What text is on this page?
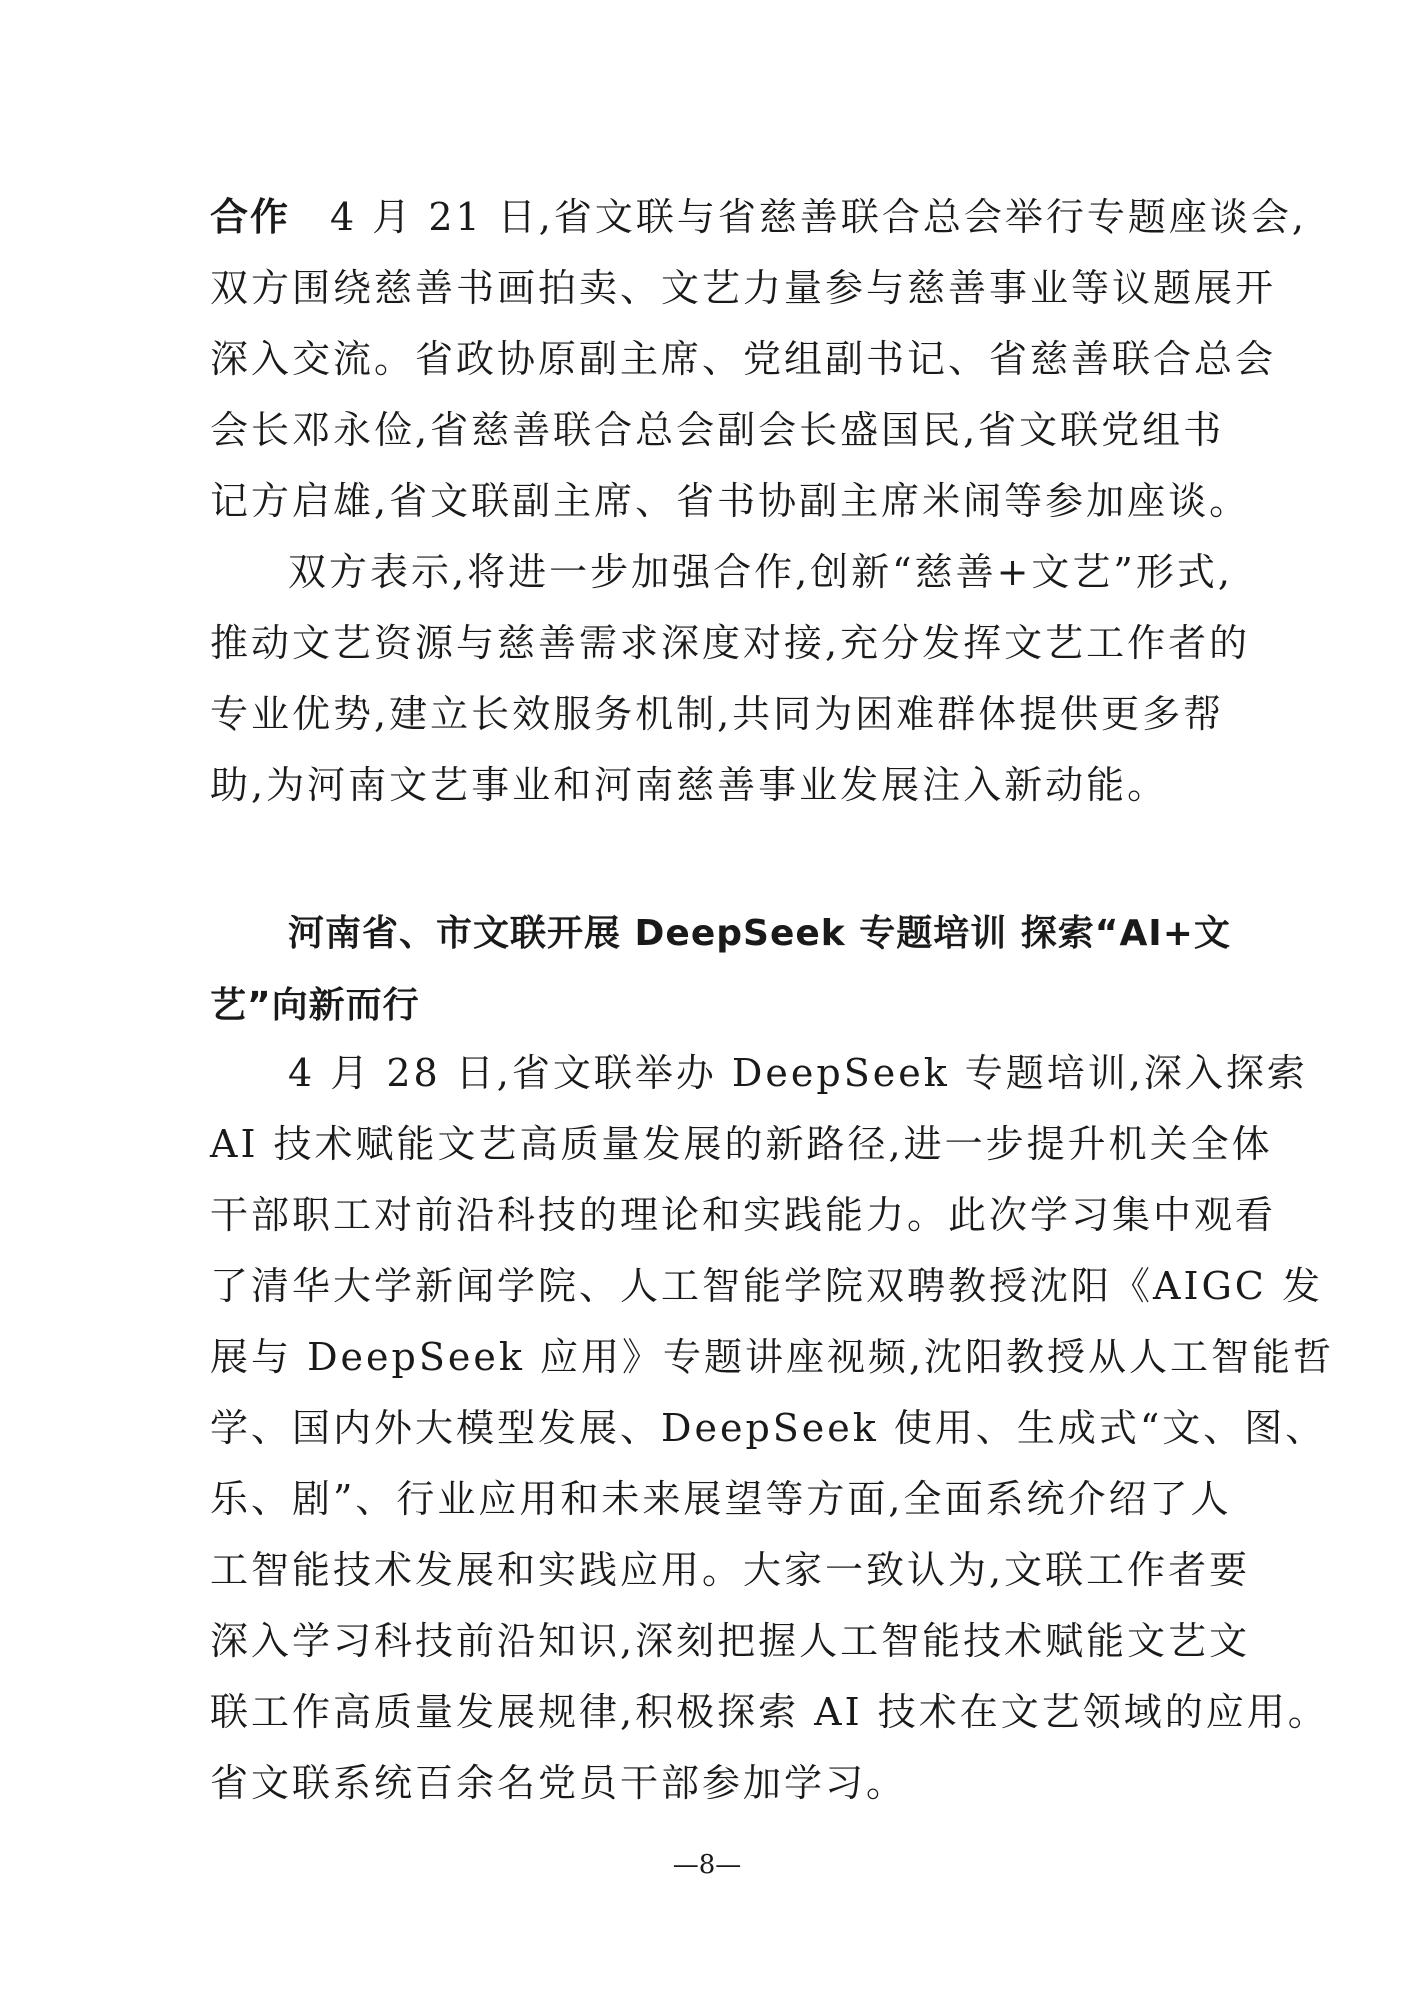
合作 4 月 21 日,省文联与省慈善联合总会举行专题座谈会,
双方围绕慈善书画拍卖、文艺力量参与慈善事业等议题展开
深入交流。省政协原副主席、党组副书记、省慈善联合总会
会长邓永俭,省慈善联合总会副会长盛国民,省文联党组书
记方启雄,省文联副主席、省书协副主席米闹等参加座谈。
双方表示,将进一步加强合作,创新“慈善+文艺”形式,
推动文艺资源与慈善需求深度对接,充分发挥文艺工作者的
专业优势,建立长效服务机制,共同为困难群体提供更多帮
助,为河南文艺事业和河南慈善事业发展注入新动能。
河南省、市文联开展 DeepSeek 专题培训 探索“AI+文
艺”向新而行
4 月 28 日,省文联举办 DeepSeek 专题培训,深入探索
AI 技术赋能文艺高质量发展的新路径,进一步提升机关全体
干部职工对前沿科技的理论和实践能力。此次学习集中观看
了清华大学新闻学院、人工智能学院双聘教授沈阳《AIGC 发
展与 DeepSeek 应用》专题讲座视频,沈阳教授从人工智能哲
学、国内外大模型发展、DeepSeek 使用、生成式“文、图、
乐、剧”、行业应用和未来展望等方面,全面系统介绍了人
工智能技术发展和实践应用。大家一致认为,文联工作者要
深入学习科技前沿知识,深刻把握人工智能技术赋能文艺文
联工作高质量发展规律,积极探索 AI 技术在文艺领域的应用。
省文联系统百余名党员干部参加学习。
—8—
